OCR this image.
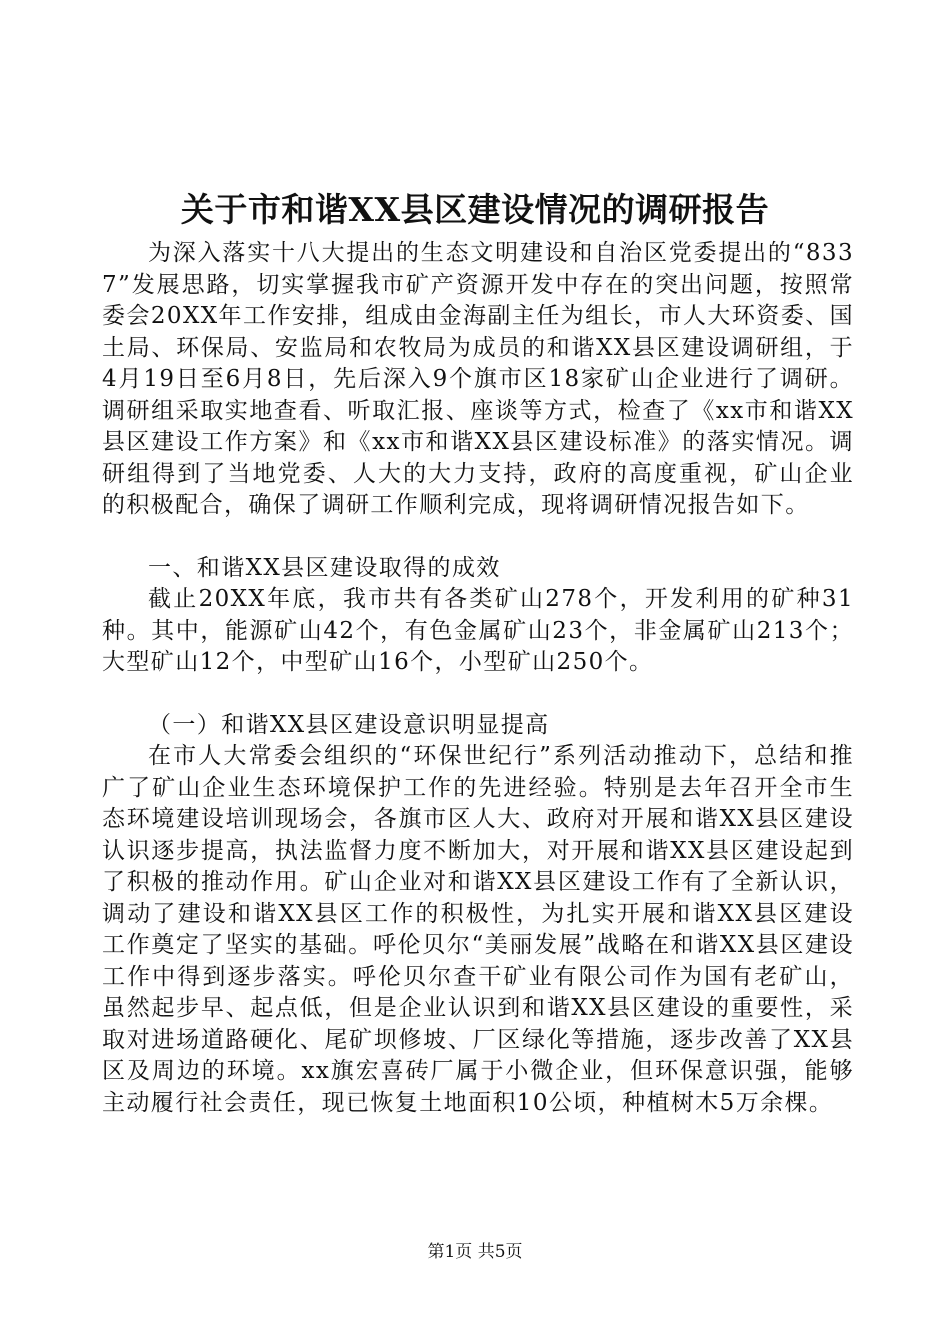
关于市和谐XX县区建设情况的调研报告

为深入落实十八大提出的生态文明建设和自治区党委提出的“8337”发展思路，切实掌握我市矿产资源开发中存在的突出问题，按照常委会20XX年工作安排，组成由金海副主任为组长，市人大环资委、国土局、环保局、安监局和农牧局为成员的和谐XX县区建设调研组，于4月19日至6月8日，先后深入9个旗市区18家矿山企业进行了调研。调研组采取实地查看、听取汇报、座谈等方式，检查了《xx市和谐XX县区建设工作方案》和《xx市和谐XX县区建设标准》的落实情况。调研组得到了当地党委、人大的大力支持，政府的高度重视，矿山企业的积极配合，确保了调研工作顺利完成，现将调研情况报告如下。

一、和谐XX县区建设取得的成效

截止20XX年底，我市共有各类矿山278个，开发利用的矿种31种。其中，能源矿山42个，有色金属矿山23个，非金属矿山213个；大型矿山12个，中型矿山16个，小型矿山250个。

（一）和谐XX县区建设意识明显提高

在市人大常委会组织的“环保世纪行”系列活动推动下，总结和推广了矿山企业生态环境保护工作的先进经验。特别是去年召开全市生态环境建设培训现场会，各旗市区人大、政府对开展和谐XX县区建设认识逐步提高，执法监督力度不断加大，对开展和谐XX县区建设起到了积极的推动作用。矿山企业对和谐XX县区建设工作有了全新认识，调动了建设和谐XX县区工作的积极性，为扎实开展和谐XX县区建设工作奠定了坚实的基础。呼伦贝尔“美丽发展”战略在和谐XX县区建设工作中得到逐步落实。呼伦贝尔查干矿业有限公司作为国有老矿山，虽然起步早、起点低，但是企业认识到和谐XX县区建设的重要性，采取对进场道路硬化、尾矿坝修坡、厂区绿化等措施，逐步改善了XX县区及周边的环境。xx旗宏喜砖厂属于小微企业，但环保意识强，能够主动履行社会责任，现已恢复土地面积10公顷，种植树木5万余棵。

第1页 共5页
